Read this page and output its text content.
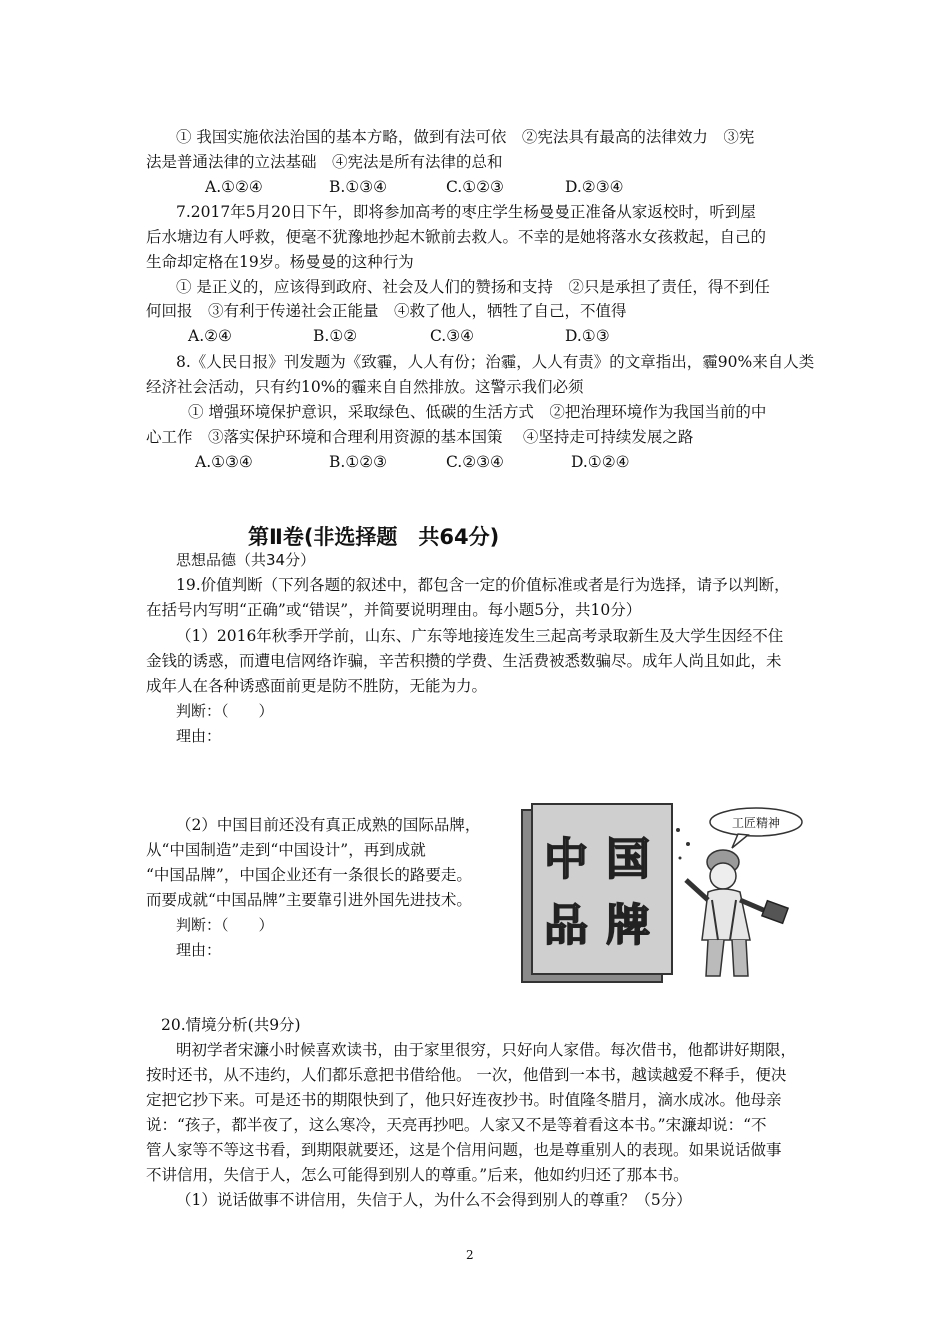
① 我国实施依法治国的基本方略，做到有法可依　②宪法具有最高的法律效力　③宪
法是普通法律的立法基础　④宪法是所有法律的总和
A.①②④	B.①③④	C.①②③	D.②③④
7.2017年5月20日下午，即将参加高考的枣庄学生杨曼曼正准备从家返校时，听到屋
后水塘边有人呼救，便毫不犹豫地抄起木锨前去救人。不幸的是她将落水女孩救起，自己的
生命却定格在19岁。杨曼曼的这种行为
① 是正义的，应该得到政府、社会及人们的赞扬和支持　②只是承担了责任，得不到任
何回报　③有利于传递社会正能量　④救了他人，牺牲了自己，不值得
A.②④	B.①②	C.③④	D.①③
8.《人民日报》刊发题为《致霾，人人有份；治霾，人人有责》的文章指出，霾90%来自人类
经济社会活动，只有约10%的霾来自自然排放。这警示我们必须
① 增强环境保护意识，采取绿色、低碳的生活方式　②把治理环境作为我国当前的中
心工作　③落实保护环境和合理利用资源的基本国策　 ④坚持走可持续发展之路
A.①③④	B.①②③	C.②③④	D.①②④
第Ⅱ卷(非选择题　共64分)
思想品德（共34分）
19.价值判断（下列各题的叙述中，都包含一定的价值标准或者是行为选择，请予以判断，
在括号内写明“正确”或“错误”，并简要说明理由。每小题5分，共10分）
（1）2016年秋季开学前，山东、广东等地接连发生三起高考录取新生及大学生因经不住
金钱的诱惑，而遭电信网络诈骗，辛苦积攒的学费、生活费被悉数骗尽。成年人尚且如此，未
成年人在各种诱惑面前更是防不胜防，无能为力。
判断：（　　）
理由：
（2）中国目前还没有真正成熟的国际品牌，
从“中国制造”走到“中国设计”，再到成就
“中国品牌”，中国企业还有一条很长的路要走。
而要成就“中国品牌”主要靠引进外国先进技术。
判断：（　　）
理由：
中 国
品 牌
工匠精神
20.情境分析(共9分)
明初学者宋濂小时候喜欢读书，由于家里很穷，只好向人家借。每次借书，他都讲好期限，
按时还书，从不违约，人们都乐意把书借给他。 一次，他借到一本书，越读越爱不释手，便决
定把它抄下来。可是还书的期限快到了，他只好连夜抄书。时值隆冬腊月，滴水成冰。他母亲
说：“孩子，都半夜了，这么寒冷，天亮再抄吧。人家又不是等着看这本书。”宋濂却说：“不
管人家等不等这书看，到期限就要还，这是个信用问题，也是尊重别人的表现。如果说话做事
不讲信用，失信于人，怎么可能得到别人的尊重。”后来，他如约归还了那本书。
（1）说话做事不讲信用，失信于人，为什么不会得到别人的尊重？（5分）
2
